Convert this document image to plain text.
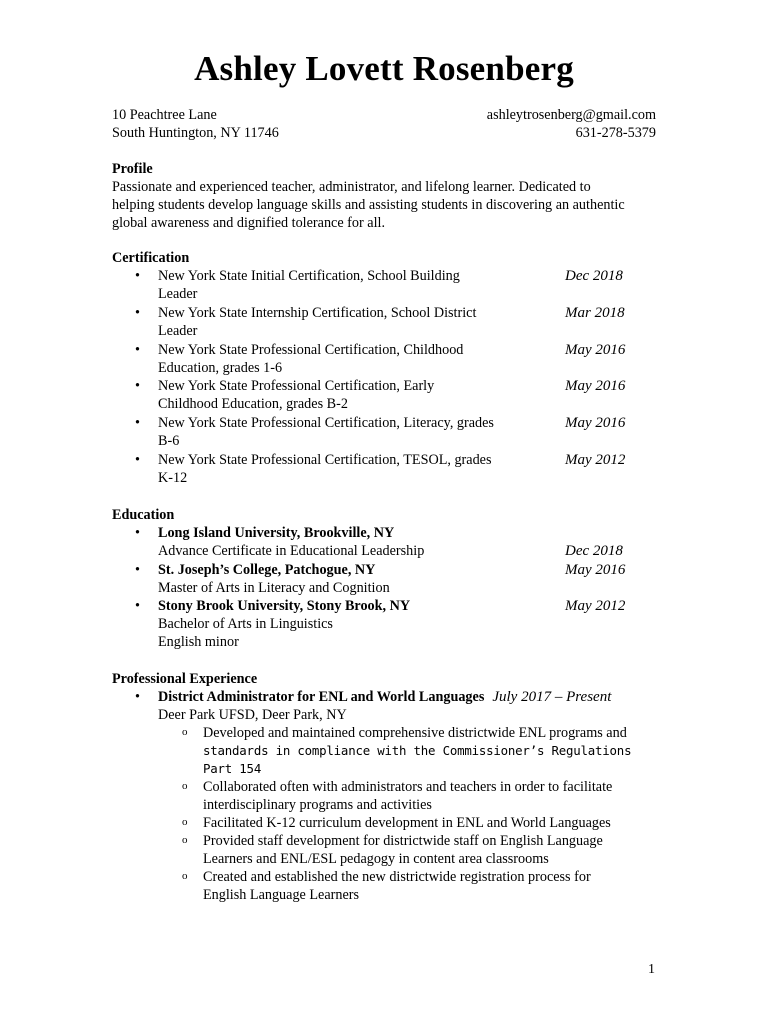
Ashley Lovett Rosenberg
10 Peachtree Lane	ashleytrosenberg@gmail.com
South Huntington, NY 11746	631-278-5379
Profile
Passionate and experienced teacher, administrator, and lifelong learner. Dedicated to helping students develop language skills and assisting students in discovering an authentic global awareness and dignified tolerance for all.
Certification
• New York State Initial Certification, School Building Leader
Dec 2018
• New York State Internship Certification, School District Leader
Mar 2018
• New York State Professional Certification, Childhood Education, grades 1-6
May 2016
• New York State Professional Certification, Early Childhood Education, grades B-2
May 2016
• New York State Professional Certification, Literacy, grades B-6
May 2016
• New York State Professional Certification, TESOL, grades K-12
May 2012
Education
• Long Island University, Brookville, NY
Advance Certificate in Educational Leadership	Dec 2018
• St. Joseph’s College, Patchogue, NY	May 2016
Master of Arts in Literacy and Cognition
• Stony Brook University, Stony Brook, NY	May 2012
Bachelor of Arts in Linguistics
English minor
Professional Experience
• District Administrator for ENL and World Languages July 2017 – Present
Deer Park UFSD, Deer Park, NY
o Developed and maintained comprehensive districtwide ENL programs and
standards in compliance with the Commissioner’s Regulations Part 154
o Collaborated often with administrators and teachers in order to facilitate
interdisciplinary programs and activities
o Facilitated K-12 curriculum development in ENL and World Languages
o Provided staff development for districtwide staff on English Language
Learners and ENL/ESL pedagogy in content area classrooms
o Created and established the new districtwide registration process for
English Language Learners
1
